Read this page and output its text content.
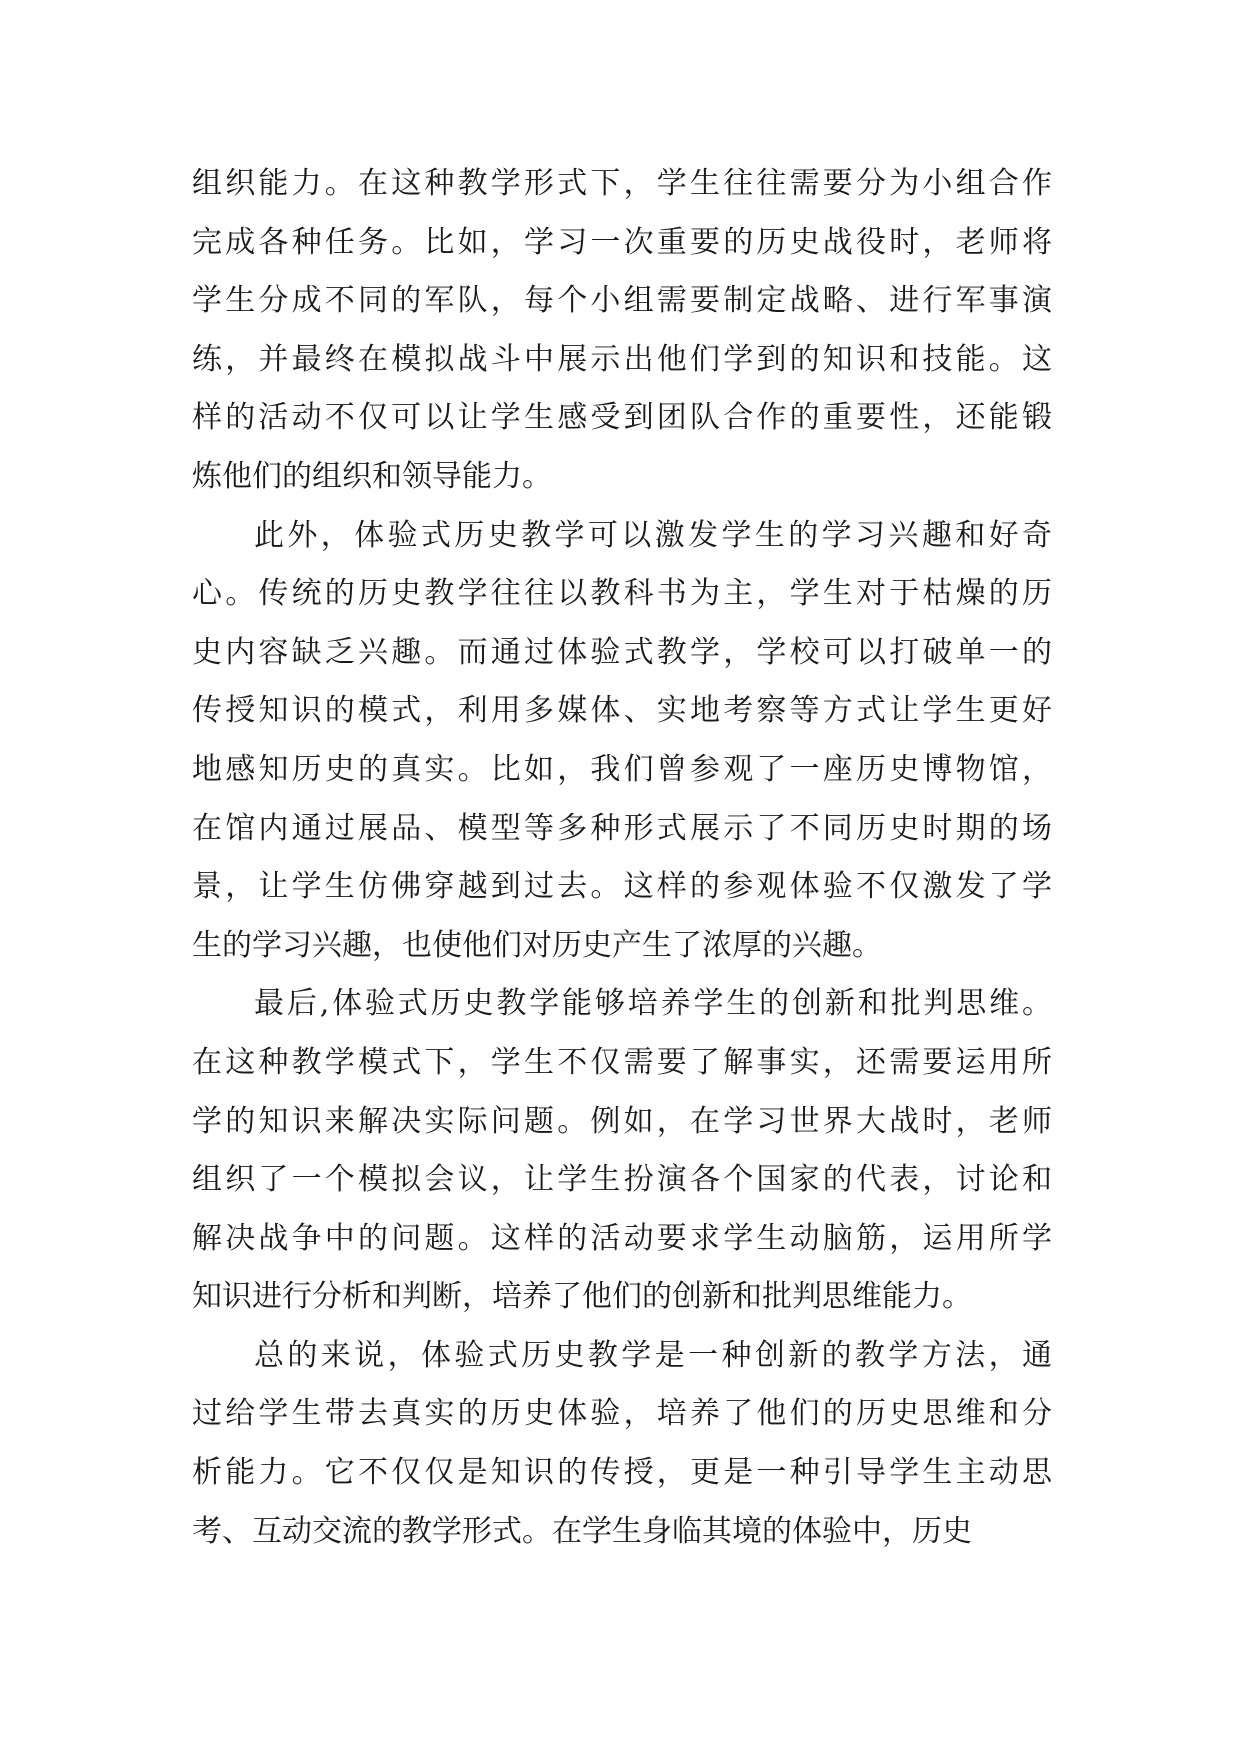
组织能力。在这种教学形式下，学生往往需要分为小组合作
完成各种任务。比如，学习一次重要的历史战役时，老师将
学生分成不同的军队，每个小组需要制定战略、进行军事演
练，并最终在模拟战斗中展示出他们学到的知识和技能。这
样的活动不仅可以让学生感受到团队合作的重要性，还能锻
炼他们的组织和领导能力。
此外，体验式历史教学可以激发学生的学习兴趣和好奇
心。传统的历史教学往往以教科书为主，学生对于枯燥的历
史内容缺乏兴趣。而通过体验式教学，学校可以打破单一的
传授知识的模式，利用多媒体、实地考察等方式让学生更好
地感知历史的真实。比如，我们曾参观了一座历史博物馆，
在馆内通过展品、模型等多种形式展示了不同历史时期的场
景，让学生仿佛穿越到过去。这样的参观体验不仅激发了学
生的学习兴趣，也使他们对历史产生了浓厚的兴趣。
最后,体验式历史教学能够培养学生的创新和批判思维。
在这种教学模式下，学生不仅需要了解事实，还需要运用所
学的知识来解决实际问题。例如，在学习世界大战时，老师
组织了一个模拟会议，让学生扮演各个国家的代表，讨论和
解决战争中的问题。这样的活动要求学生动脑筋，运用所学
知识进行分析和判断，培养了他们的创新和批判思维能力。
总的来说，体验式历史教学是一种创新的教学方法，通
过给学生带去真实的历史体验，培养了他们的历史思维和分
析能力。它不仅仅是知识的传授，更是一种引导学生主动思
考、互动交流的教学形式。在学生身临其境的体验中，历史
